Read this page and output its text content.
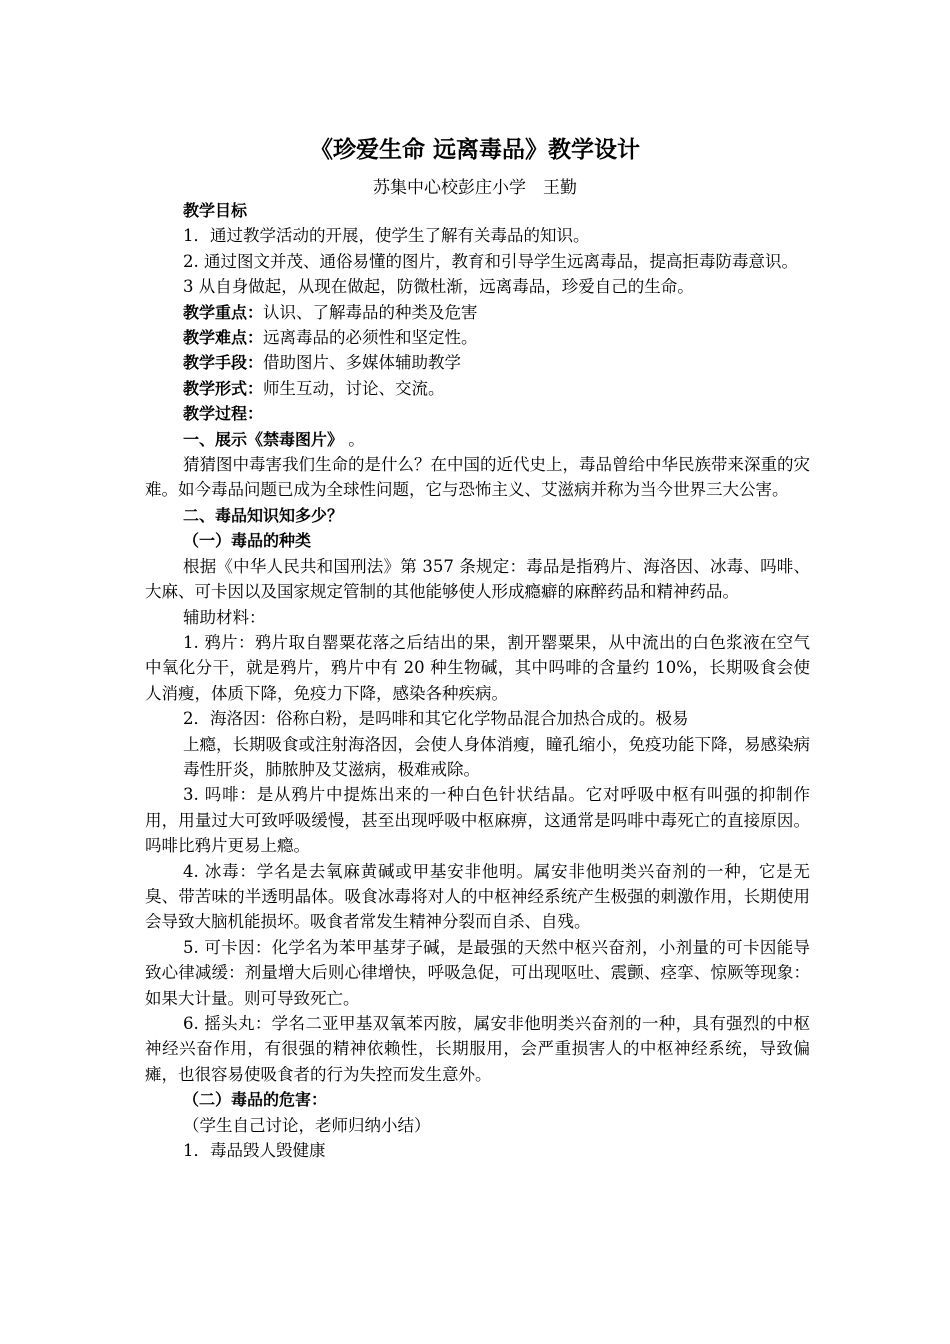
《珍爱生命 远离毒品》教学设计
苏集中心校彭庄小学　王勤

教学目标

1．通过教学活动的开展，使学生了解有关毒品的知识。

2. 通过图文并茂、通俗易懂的图片，教育和引导学生远离毒品，提高拒毒防毒意识。

3 从自身做起，从现在做起，防微杜渐，远离毒品，珍爱自己的生命。

教学重点：认识、了解毒品的种类及危害

教学难点：远离毒品的必须性和坚定性。

教学手段：借助图片、多媒体辅助教学

教学形式：师生互动，讨论、交流。

教学过程：

一、展示《禁毒图片》 。

猜猜图中毒害我们生命的是什么？在中国的近代史上，毒品曾给中华民族带来深重的灾难。如今毒品问题已成为全球性问题，它与恐怖主义、艾滋病并称为当今世界三大公害。

二、毒品知识知多少？

（一）毒品的种类

根据《中华人民共和国刑法》第 357 条规定：毒品是指鸦片、海洛因、冰毒、吗啡、大麻、可卡因以及国家规定管制的其他能够使人形成瘾癖的麻醉药品和精神药品。

辅助材料：

1. 鸦片：鸦片取自罂粟花落之后结出的果，割开罂粟果，从中流出的白色浆液在空气中氧化分干，就是鸦片，鸦片中有 20 种生物碱，其中吗啡的含量约 10%，长期吸食会使人消瘦，体质下降，免疫力下降，感染各种疾病。

2．海洛因：俗称白粉，是吗啡和其它化学物品混合加热合成的。极易

上瘾，长期吸食或注射海洛因，会使人身体消瘦，瞳孔缩小，免疫功能下降，易感染病毒性肝炎，肺脓肿及艾滋病，极难戒除。

3. 吗啡：是从鸦片中提炼出来的一种白色针状结晶。它对呼吸中枢有叫强的抑制作用，用量过大可致呼吸缓慢，甚至出现呼吸中枢麻痹，这通常是吗啡中毒死亡的直接原因。吗啡比鸦片更易上瘾。

4. 冰毒：学名是去氧麻黄碱或甲基安非他明。属安非他明类兴奋剂的一种，它是无臭、带苦味的半透明晶体。吸食冰毒将对人的中枢神经系统产生极强的刺激作用，长期使用会导致大脑机能损坏。吸食者常发生精神分裂而自杀、自残。

5. 可卡因：化学名为苯甲基芽子碱，是最强的天然中枢兴奋剂，小剂量的可卡因能导致心律减缓：剂量增大后则心律增快，呼吸急促，可出现呕吐、震颤、痉挛、惊厥等现象：如果大计量。则可导致死亡。

6. 摇头丸：学名二亚甲基双氧苯丙胺，属安非他明类兴奋剂的一种，具有强烈的中枢神经兴奋作用，有很强的精神依赖性，长期服用，会严重损害人的中枢神经系统，导致偏瘫，也很容易使吸食者的行为失控而发生意外。

（二）毒品的危害：

（学生自己讨论，老师归纳小结）

1．毒品毁人毁健康
